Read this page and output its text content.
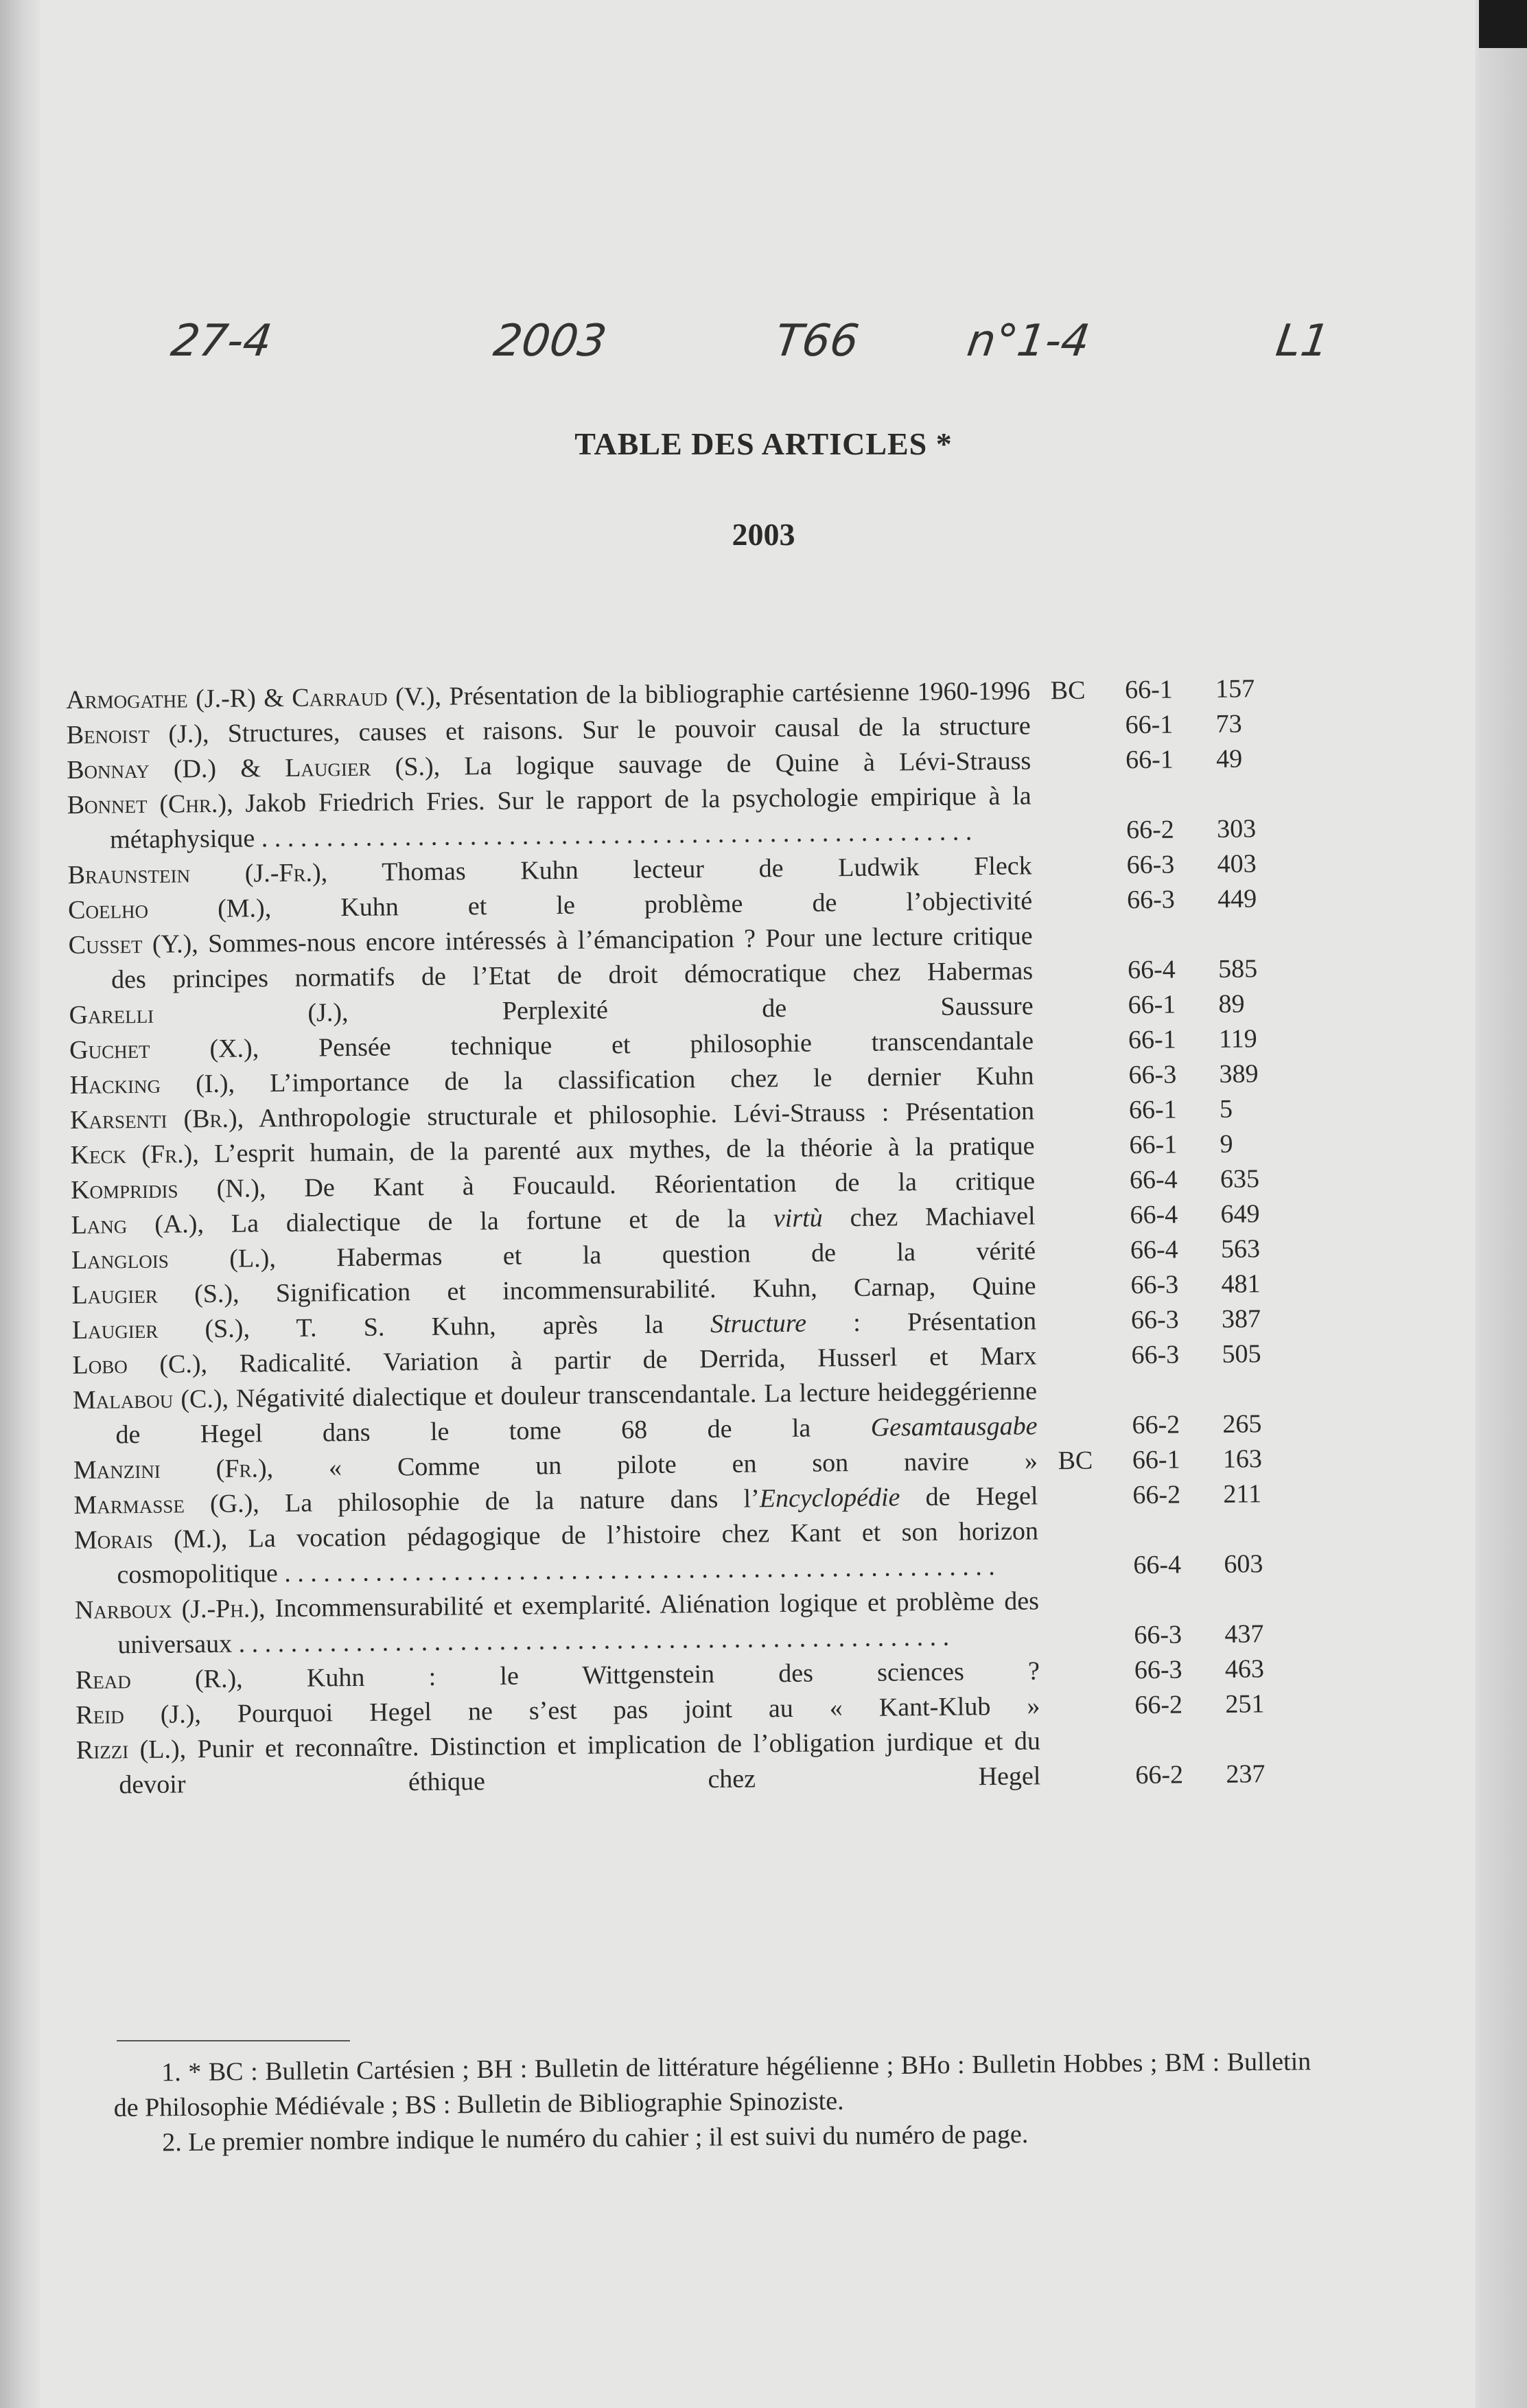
27-4	2003	T66 n°1-4	L1
TABLE DES ARTICLES *
2003
Armogathe (J.-R) & Carraud (V.), Présentation de la bibliographie cartésienne 1960-1996 . . . BC	66-1	157
Benoist (J.), Structures, causes et raisons. Sur le pouvoir causal de la structure . . .	66-1	73
Bonnay (D.) & Laugier (S.), La logique sauvage de Quine à Lévi-Strauss . . .	66-1	49
Bonnet (Chr.), Jakob Friedrich Fries. Sur le rapport de la psychologie empirique à la métaphysique . . .	66-2	303
Braunstein (J.-Fr.), Thomas Kuhn lecteur de Ludwik Fleck . . .	66-3	403
Coelho (M.), Kuhn et le problème de l’objectivité . . .	66-3	449
Cusset (Y.), Sommes-nous encore intéressés à l’émancipation ? Pour une lecture critique des principes normatifs de l’Etat de droit démocratique chez Habermas . . .	66-4	585
Garelli (J.), Perplexité de Saussure . . .	66-1	89
Guchet (X.), Pensée technique et philosophie transcendantale . . .	66-1	119
Hacking (I.), L’importance de la classification chez le dernier Kuhn . . .	66-3	389
Karsenti (Br.), Anthropologie structurale et philosophie. Lévi-Strauss : Présentation . . .	66-1	5
Keck (Fr.), L’esprit humain, de la parenté aux mythes, de la théorie à la pratique . . .	66-1	9
Kompridis (N.), De Kant à Foucauld. Réorientation de la critique . . .	66-4	635
Lang (A.), La dialectique de la fortune et de la virtù chez Machiavel . . .	66-4	649
Langlois (L.), Habermas et la question de la vérité . . .	66-4	563
Laugier (S.), Signification et incommensurabilité. Kuhn, Carnap, Quine . . .	66-3	481
Laugier (S.), T. S. Kuhn, après la Structure : Présentation . . .	66-3	387
Lobo (C.), Radicalité. Variation à partir de Derrida, Husserl et Marx . . .	66-3	505
Malabou (C.), Négativité dialectique et douleur transcendantale. La lecture heideggérienne de Hegel dans le tome 68 de la Gesamtausgabe . . .	66-2	265
Manzini (Fr.), « Comme un pilote en son navire » . . . BC	66-1	163
Marmasse (G.), La philosophie de la nature dans l’Encyclopédie de Hegel . . .	66-2	211
Morais (M.), La vocation pédagogique de l’histoire chez Kant et son horizon cosmopolitique . . .	66-4	603
Narboux (J.-Ph.), Incommensurabilité et exemplarité. Aliénation logique et problème des universaux . . .	66-3	437
Read (R.), Kuhn : le Wittgenstein des sciences ? . . .	66-3	463
Reid (J.), Pourquoi Hegel ne s’est pas joint au « Kant-Klub » . . .	66-2	251
Rizzi (L.), Punir et reconnaître. Distinction et implication de l’obligation jurdique et du devoir éthique chez Hegel . . .	66-2	237

1. * BC : Bulletin Cartésien ; BH : Bulletin de littérature hégélienne ; BHo : Bulletin Hobbes ; BM : Bulletin de Philosophie Médiévale ; BS : Bulletin de Bibliographie Spinoziste.

2. Le premier nombre indique le numéro du cahier ; il est suivi du numéro de page.
